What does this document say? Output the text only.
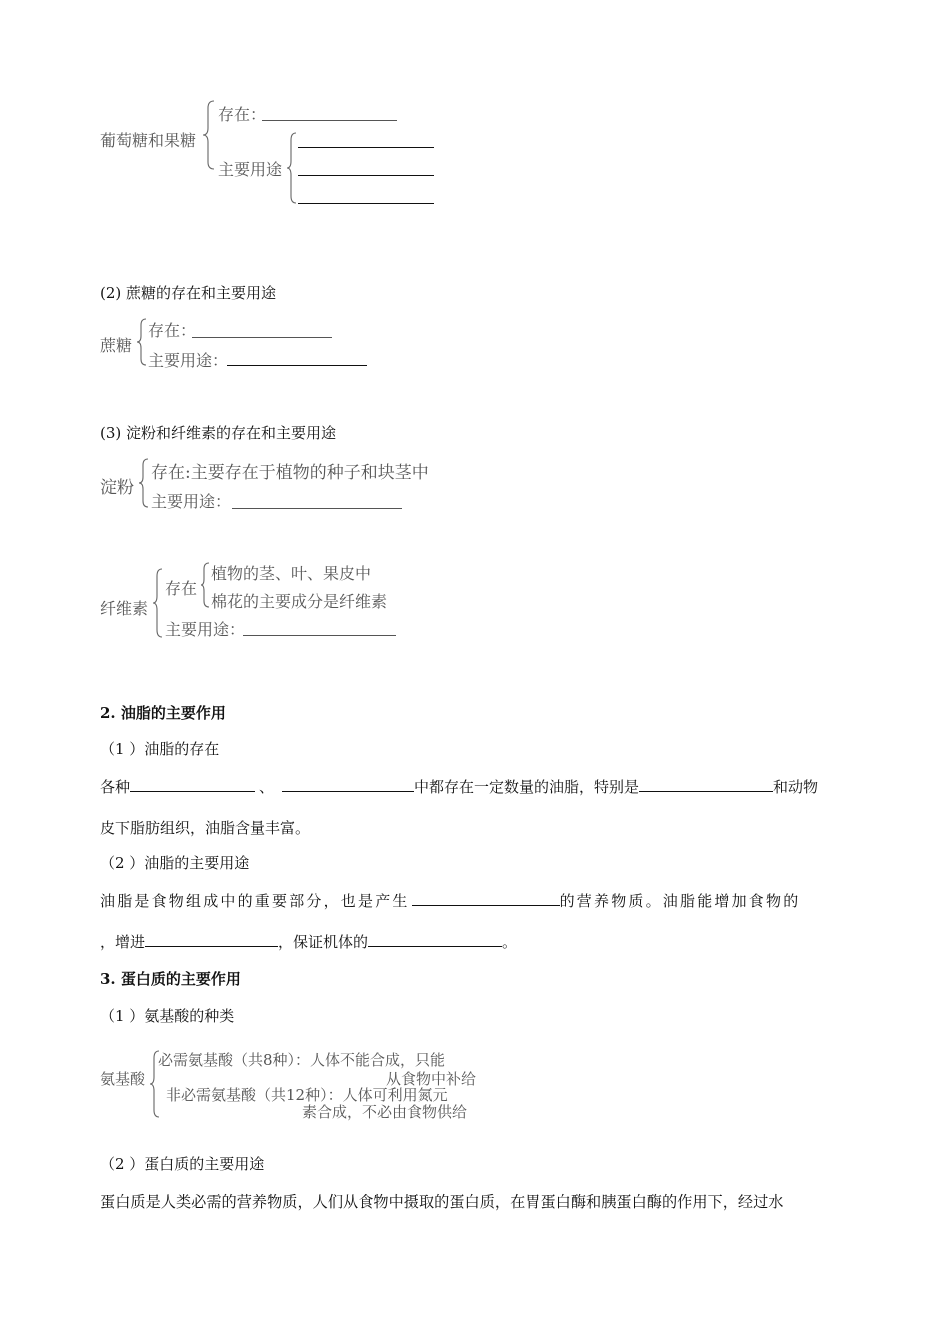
葡萄糖和果糖
存在：
主要用途
(2) 蔗糖的存在和主要用途
蔗糖
存在：
主要用途：
(3) 淀粉和纤维素的存在和主要用途
淀粉
存在:主要存在于植物的种子和块茎中
主要用途：
纤维素
存在
植物的茎、叶、果皮中
棉花的主要成分是纤维素
主要用途：
2. 油脂的主要作用
（1 ）油脂的存在
各种	、	中都存在一定数量的油脂，特别是	和动物
皮下脂肪组织，油脂含量丰富。
（2 ）油脂的主要用途
油脂是食物组成中的重要部分，也是产生	的营养物质。油脂能增加食物的
，增进	，保证机体的	。
3. 蛋白质的主要作用
（1 ）氨基酸的种类
氨基酸
必需氨基酸（共8种）：人体不能合成，只能
从食物中补给
非必需氨基酸（共12种）：人体可利用氮元
素合成，不必由食物供给
（2 ）蛋白质的主要用途
蛋白质是人类必需的营养物质，人们从食物中摄取的蛋白质，在胃蛋白酶和胰蛋白酶的作用下，经过水
